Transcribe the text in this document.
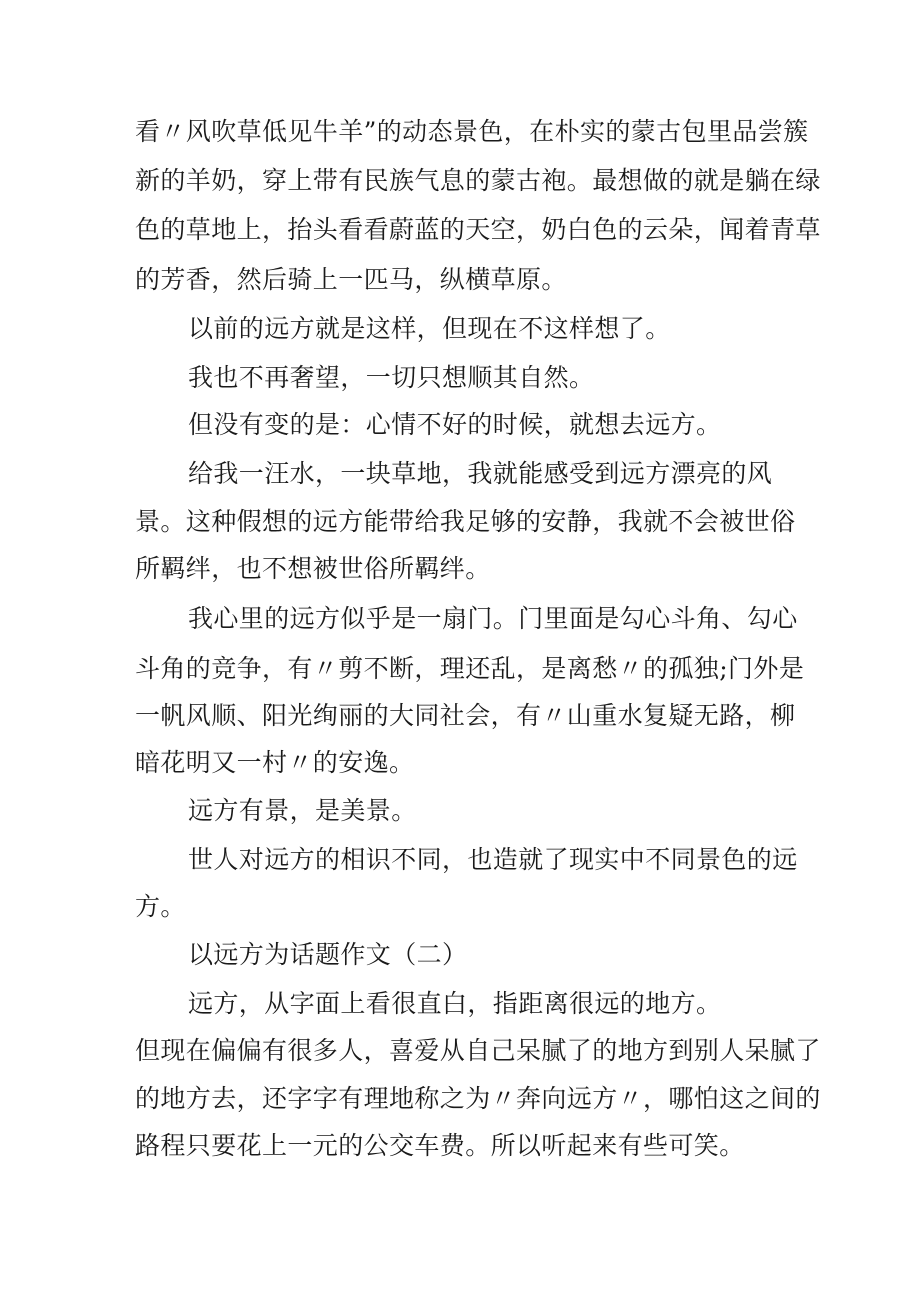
看〃风吹草低见牛羊”的动态景色，在朴实的蒙古包里品尝簇
新的羊奶，穿上带有民族气息的蒙古袍。最想做的就是躺在绿
色的草地上，抬头看看蔚蓝的天空，奶白色的云朵，闻着青草
的芳香，然后骑上一匹马，纵横草原。
以前的远方就是这样，但现在不这样想了。
我也不再奢望，一切只想顺其自然。
但没有变的是：心情不好的时候，就想去远方。
给我一汪水，一块草地，我就能感受到远方漂亮的风
景。这种假想的远方能带给我足够的安静，我就不会被世俗
所羁绊，也不想被世俗所羁绊。
我心里的远方似乎是一扇门。门里面是勾心斗角、勾心
斗角的竞争，有〃剪不断，理还乱，是离愁〃的孤独;门外是
一帆风顺、阳光绚丽的大同社会，有〃山重水复疑无路，柳
暗花明又一村〃的安逸。
远方有景，是美景。
世人对远方的相识不同，也造就了现实中不同景色的远
方。
以远方为话题作文（二）
远方，从字面上看很直白，指距离很远的地方。
但现在偏偏有很多人，喜爱从自己呆腻了的地方到别人呆腻了
的地方去，还字字有理地称之为〃奔向远方〃，哪怕这之间的
路程只要花上一元的公交车费。所以听起来有些可笑。
